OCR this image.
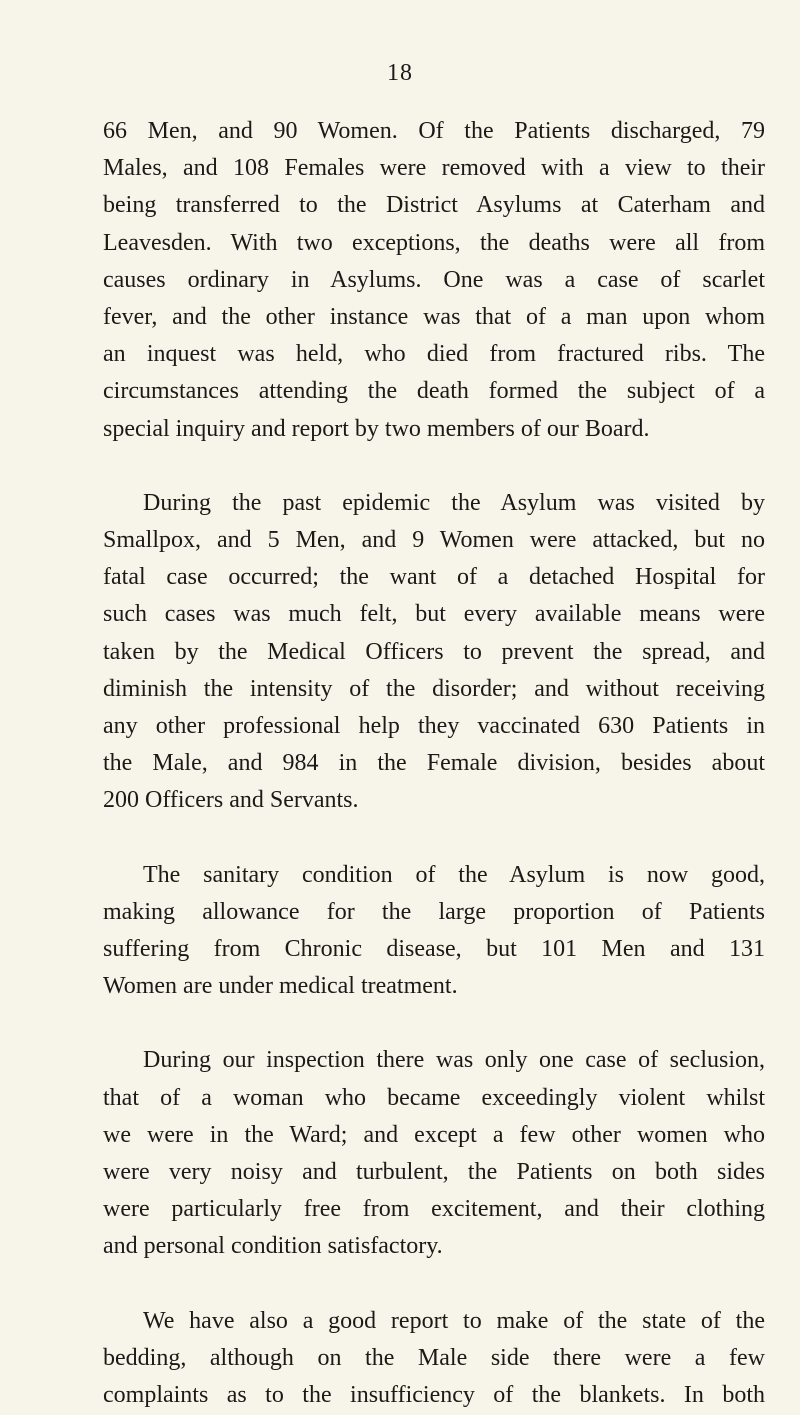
18
66 Men, and 90 Women. Of the Patients discharged, 79
Males, and 108 Females were removed with a view to their
being transferred to the District Asylums at Caterham and
Leavesden. With two exceptions, the deaths were all from
causes ordinary in Asylums. One was a case of scarlet
fever, and the other instance was that of a man upon whom
an inquest was held, who died from fractured ribs. The
circumstances attending the death formed the subject of a
special inquiry and report by two members of our Board.
During the past epidemic the Asylum was visited by
Smallpox, and 5 Men, and 9 Women were attacked, but no
fatal case occurred; the want of a detached Hospital for
such cases was much felt, but every available means were
taken by the Medical Officers to prevent the spread, and
diminish the intensity of the disorder; and without receiving
any other professional help they vaccinated 630 Patients in
the Male, and 984 in the Female division, besides about
200 Officers and Servants.
The sanitary condition of the Asylum is now good,
making allowance for the large proportion of Patients
suffering from Chronic disease, but 101 Men and 131
Women are under medical treatment.
During our inspection there was only one case of seclusion,
that of a woman who became exceedingly violent whilst
we were in the Ward; and except a few other women who
were very noisy and turbulent, the Patients on both sides
were particularly free from excitement, and their clothing
and personal condition satisfactory.
We have also a good report to make of the state of the
bedding, although on the Male side there were a few
complaints as to the insufficiency of the blankets. In both
